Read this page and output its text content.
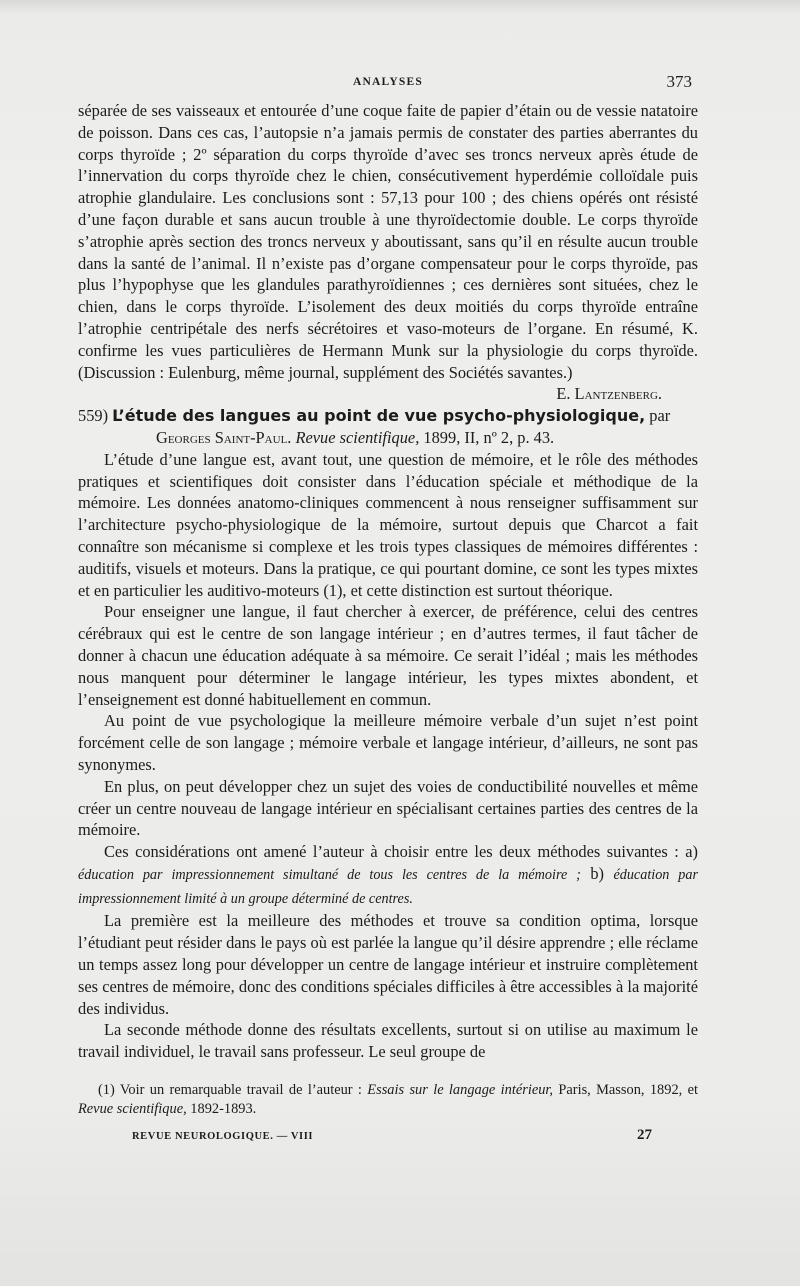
ANALYSES	373

séparée de ses vaisseaux et entourée d’une coque faite de papier d’étain ou de vessie natatoire de poisson. Dans ces cas, l’autopsie n’a jamais permis de constater des parties aberrantes du corps thyroïde ; 2º séparation du corps thyroïde d’avec ses troncs nerveux après étude de l’innervation du corps thyroïde chez le chien, consécutivement hyperdémie colloïdale puis atrophie glandulaire. Les conclusions sont : 57,13 pour 100 ; des chiens opérés ont résisté d’une façon durable et sans aucun trouble à une thyroïdectomie double. Le corps thyroïde s’atrophie après section des troncs nerveux y aboutissant, sans qu’il en résulte aucun trouble dans la santé de l’animal. Il n’existe pas d’organe compensateur pour le corps thyroïde, pas plus l’hypophyse que les glandules parathyroïdiennes ; ces dernières sont situées, chez le chien, dans le corps thyroïde. L’isolement des deux moitiés du corps thyroïde entraîne l’atrophie centripétale des nerfs sécrétoires et vaso-moteurs de l’organe. En résumé, K. confirme les vues particulières de Hermann Munk sur la physiologie du corps thyroïde. (Discussion : Eulenburg, même journal, supplément des Sociétés savantes.)

E. Lantzenberg.

559) L’étude des langues au point de vue psycho-physiologique, par
Georges Saint-Paul. Revue scientifique, 1899, II, nº 2, p. 43.

L’étude d’une langue est, avant tout, une question de mémoire, et le rôle des méthodes pratiques et scientifiques doit consister dans l’éducation spéciale et méthodique de la mémoire. Les données anatomo-cliniques commencent à nous renseigner suffisamment sur l’architecture psycho-physiologique de la mémoire, surtout depuis que Charcot a fait connaître son mécanisme si complexe et les trois types classiques de mémoires différentes : auditifs, visuels et moteurs. Dans la pratique, ce qui pourtant domine, ce sont les types mixtes et en particulier les auditivo-moteurs (1), et cette distinction est surtout théorique.

Pour enseigner une langue, il faut chercher à exercer, de préférence, celui des centres cérébraux qui est le centre de son langage intérieur ; en d’autres termes, il faut tâcher de donner à chacun une éducation adéquate à sa mémoire. Ce serait l’idéal ; mais les méthodes nous manquent pour déterminer le langage intérieur, les types mixtes abondent, et l’enseignement est donné habituellement en commun.

Au point de vue psychologique la meilleure mémoire verbale d’un sujet n’est point forcément celle de son langage ; mémoire verbale et langage intérieur, d’ailleurs, ne sont pas synonymes.

En plus, on peut développer chez un sujet des voies de conductibilité nouvelles et même créer un centre nouveau de langage intérieur en spécialisant certaines parties des centres de la mémoire.

Ces considérations ont amené l’auteur à choisir entre les deux méthodes suivantes : a) éducation par impressionnement simultané de tous les centres de la mémoire ; b) éducation par impressionnement limité à un groupe déterminé de centres.

La première est la meilleure des méthodes et trouve sa condition optima, lorsque l’étudiant peut résider dans le pays où est parlée la langue qu’il désire apprendre ; elle réclame un temps assez long pour développer un centre de langage intérieur et instruire complètement ses centres de mémoire, donc des conditions spéciales difficiles à être accessibles à la majorité des individus.

La seconde méthode donne des résultats excellents, surtout si on utilise au maximum le travail individuel, le travail sans professeur. Le seul groupe de

(1) Voir un remarquable travail de l’auteur : Essais sur le langage intérieur, Paris, Masson, 1892, et Revue scientifique, 1892-1893.

REVUE NEUROLOGIQUE. — VIII	27
